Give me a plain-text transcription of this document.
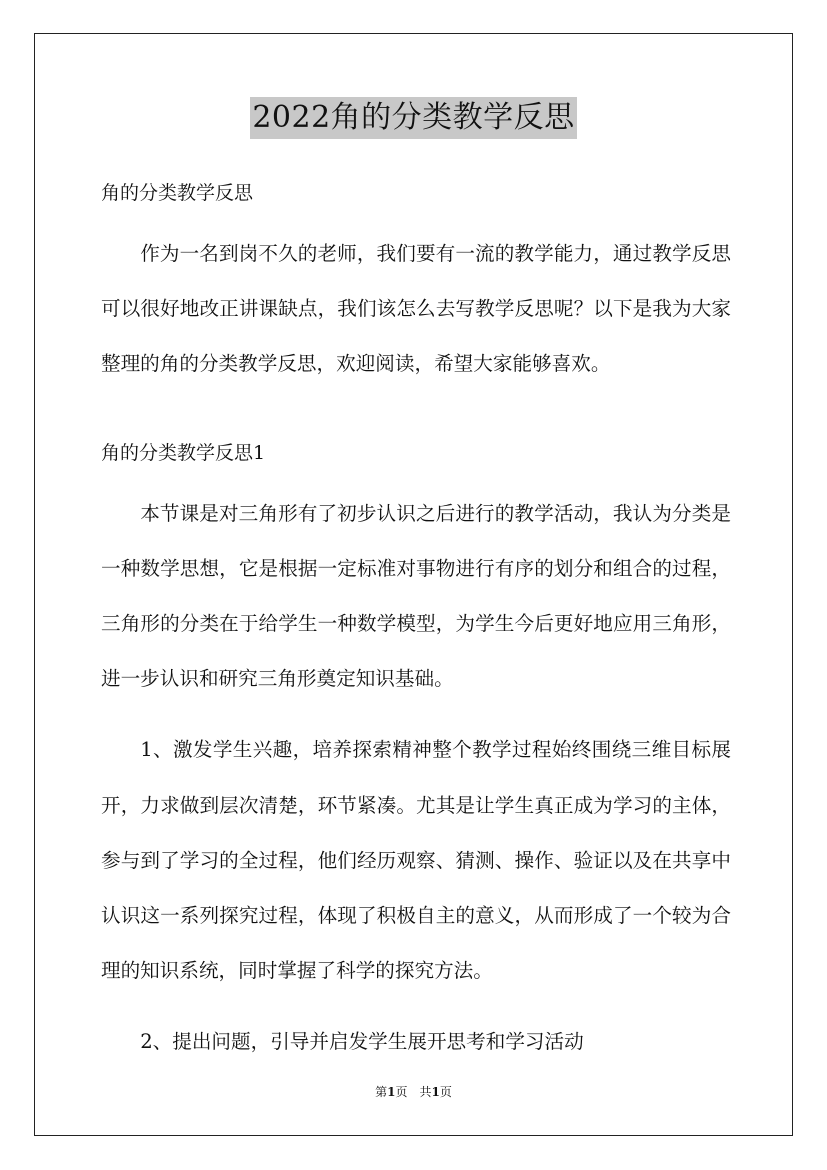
2022角的分类教学反思

角的分类教学反思

作为一名到岗不久的老师，我们要有一流的教学能力，通过教学反思可以很好地改正讲课缺点，我们该怎么去写教学反思呢？以下是我为大家整理的角的分类教学反思，欢迎阅读，希望大家能够喜欢。

角的分类教学反思1

本节课是对三角形有了初步认识之后进行的教学活动，我认为分类是一种数学思想，它是根据一定标准对事物进行有序的划分和组合的过程，三角形的分类在于给学生一种数学模型，为学生今后更好地应用三角形，进一步认识和研究三角形奠定知识基础。

1、激发学生兴趣，培养探索精神整个教学过程始终围绕三维目标展开，力求做到层次清楚，环节紧凑。尤其是让学生真正成为学习的主体，参与到了学习的全过程，他们经历观察、猜测、操作、验证以及在共享中认识这一系列探究过程，体现了积极自主的意义，从而形成了一个较为合理的知识系统，同时掌握了科学的探究方法。

2、提出问题，引导并启发学生展开思考和学习活动

第1页　共1页
